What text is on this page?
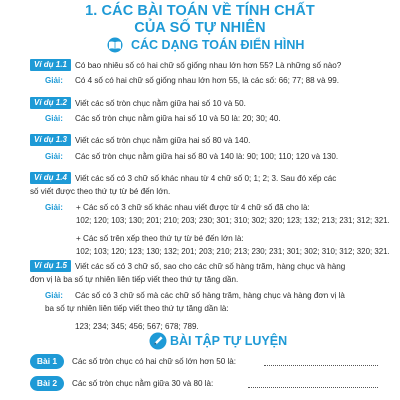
1. CÁC BÀI TOÁN VỀ TÍNH CHẤT
CỦA SỐ TỰ NHIÊN
CÁC DẠNG TOÁN ĐIỂN HÌNH
Ví dụ 1.1 Có bao nhiêu số có hai chữ số giống nhau lớn hơn 55? Là những số nào?
Giải: Có 4 số có hai chữ số giống nhau lớn hơn 55, là các số: 66; 77; 88 và 99.
Ví dụ 1.2 Viết các số tròn chục nằm giữa hai số 10 và 50.
Giải: Các số tròn chục nằm giữa hai số 10 và 50 là: 20; 30; 40.
Ví dụ 1.3 Viết các số tròn chục nằm giữa hai số 80 và 140.
Giải: Các số tròn chục nằm giữa hai số 80 và 140 là: 90; 100; 110; 120 và 130.
Ví dụ 1.4 Viết các số có 3 chữ số khác nhau từ 4 chữ số 0; 1; 2; 3. Sau đó xếp các
số viết được theo thứ tự từ bé đến lớn.
Giải: + Các số có 3 chữ số khác nhau viết được từ 4 chữ số đã cho là:
102; 120; 103; 130; 201; 210; 203; 230; 301; 310; 302; 320; 123; 132; 213; 231; 312; 321.
+ Các số trên xếp theo thứ tự từ bé đến lớn là:
102; 103; 120; 123; 130; 132; 201; 203; 210; 213; 230; 231; 301; 302; 310; 312; 320; 321.
Ví dụ 1.5 Viết các số có 3 chữ số, sao cho các chữ số hàng trăm, hàng chục và hàng
đơn vị là ba số tự nhiên liên tiếp viết theo thứ tự tăng dần.
Giải: Các số có 3 chữ số mà các chữ số hàng trăm, hàng chục và hàng đơn vị là
ba số tự nhiên liên tiếp viết theo thứ tự tăng dần là:
123; 234; 345; 456; 567; 678; 789.
BÀI TẬP TỰ LUYỆN
Bài 1	Các số tròn chục có hai chữ số lớn hơn 50 là:
Bài 2	Các số tròn chục nằm giữa 30 và 80 là:
